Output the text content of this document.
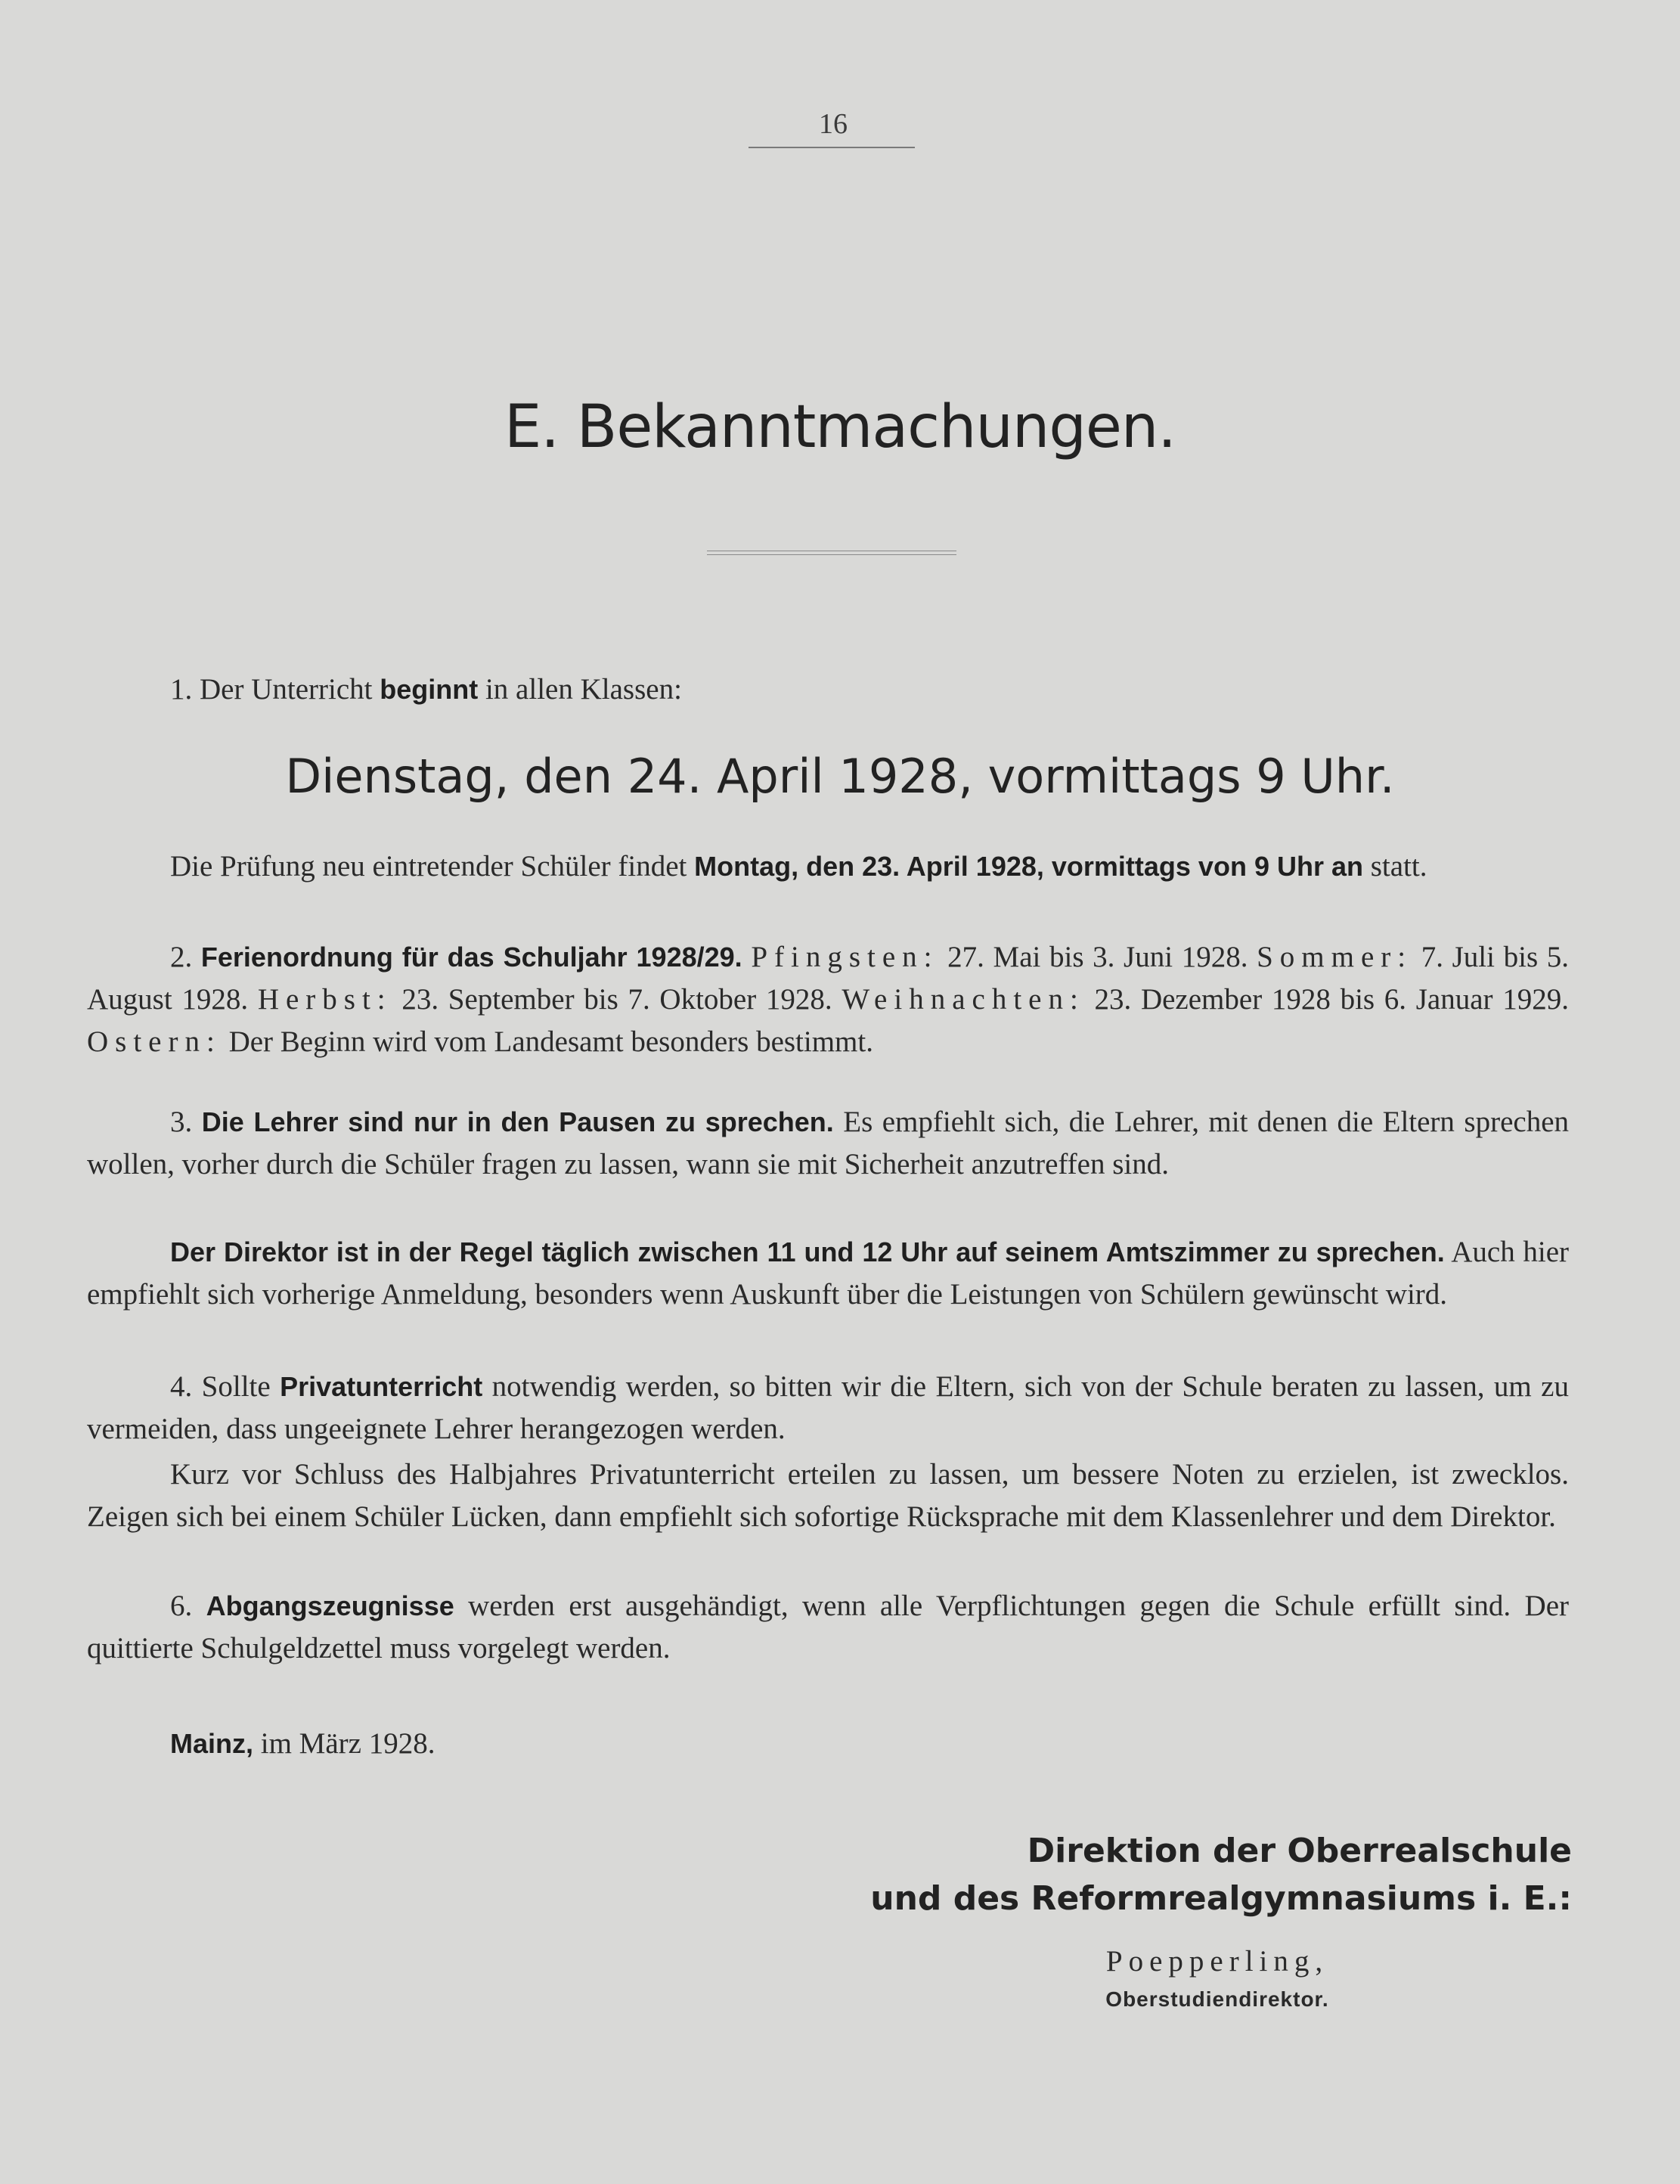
16
E. Bekanntmachungen.

1. Der Unterricht beginnt in allen Klassen:

Dienstag, den 24. April 1928, vormittags 9 Uhr.

Die Prüfung neu eintretender Schüler findet Montag, den 23. April 1928, vormittags von 9 Uhr an statt.

2. Ferienordnung für das Schuljahr 1928/29. Pfingsten: 27. Mai bis 3. Juni 1928. Sommer: 7. Juli bis 5. August 1928. Herbst: 23. September bis 7. Oktober 1928. Weihnachten: 23. Dezember 1928 bis 6. Januar 1929. Ostern: Der Beginn wird vom Landesamt besonders bestimmt.

3. Die Lehrer sind nur in den Pausen zu sprechen. Es empfiehlt sich, die Lehrer, mit denen die Eltern sprechen wollen, vorher durch die Schüler fragen zu lassen, wann sie mit Sicherheit anzutreffen sind.

Der Direktor ist in der Regel täglich zwischen 11 und 12 Uhr auf seinem Amtszimmer zu sprechen. Auch hier empfiehlt sich vorherige Anmeldung, besonders wenn Auskunft über die Leistungen von Schülern gewünscht wird.

4. Sollte Privatunterricht notwendig werden, so bitten wir die Eltern, sich von der Schule beraten zu lassen, um zu vermeiden, dass ungeeignete Lehrer herangezogen werden.

Kurz vor Schluss des Halbjahres Privatunterricht erteilen zu lassen, um bessere Noten zu erzielen, ist zwecklos. Zeigen sich bei einem Schüler Lücken, dann empfiehlt sich sofortige Rücksprache mit dem Klassenlehrer und dem Direktor.

6. Abgangszeugnisse werden erst ausgehändigt, wenn alle Verpflichtungen gegen die Schule erfüllt sind. Der quittierte Schulgeldzettel muss vorgelegt werden.

Mainz, im März 1928.

Direktion der Oberrealschule
und des Reformrealgymnasiums i. E.:
Poepperling,
Oberstudiendirektor.
